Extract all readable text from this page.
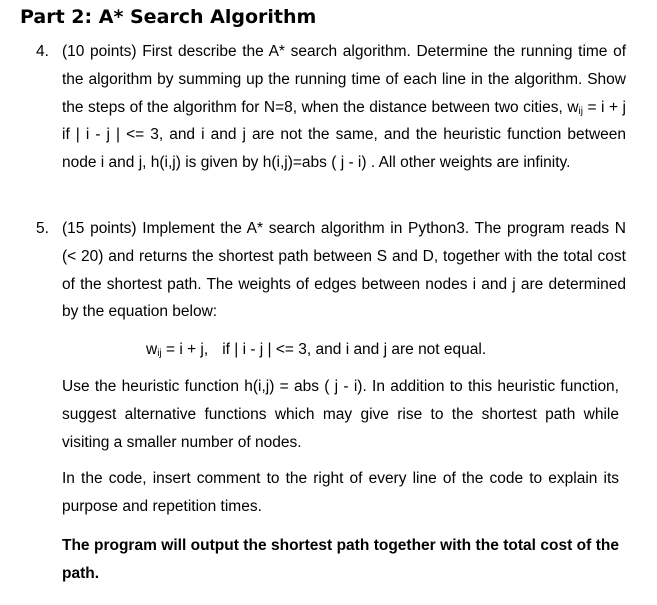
Part 2: A* Search Algorithm
4. (10 points) First describe the A* search algorithm. Determine the running time of the algorithm by summing up the running time of each line in the algorithm. Show the steps of the algorithm for N=8, when the distance between two cities, $w_{ij} = i + j$ if | i - j | <= 3, and i and j are not the same, and the heuristic function between node i and j, h(i,j) is given by h(i,j)=abs ( j - i) . All other weights are infinity.
5. (15 points) Implement the A* search algorithm in Python3. The program reads N (< 20) and returns the shortest path between S and D, together with the total cost of the shortest path. The weights of edges between nodes i and j are determined by the equation below:
$w_{ij} = i + j$, if | i - j | <= 3, and i and j are not equal.
Use the heuristic function h(i,j) = abs ( j - i). In addition to this heuristic function, suggest alternative functions which may give rise to the shortest path while visiting a smaller number of nodes.
In the code, insert comment to the right of every line of the code to explain its purpose and repetition times.
The program will output the shortest path together with the total cost of the path.
